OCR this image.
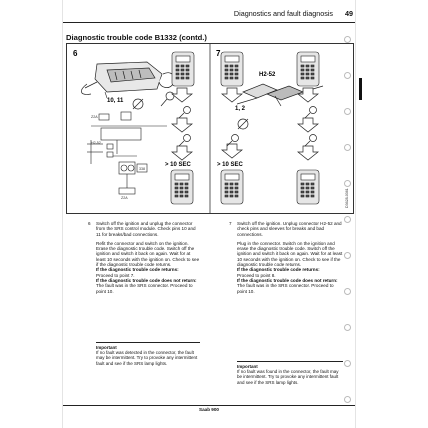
Diagnostics and fault diagnosis 49
Diagnostic trouble code B1332 (contd.)
6
10, 11
Z2A
H2-52
338
Z2A
> 10 SEC
7
H2-52
1, 2
> 10 SEC
D3628-0361
6 Switch off the ignition and unplug the connector from the SRS control module. Check pins 10 and 11 for breaks/bad connections.

Refit the connector and switch on the ignition. Erase the diagnostic trouble code. Switch off the ignition and switch it back on again. Wait for at least 10 seconds with the ignition on. Check to see if the diagnostic trouble code returns.

If the diagnostic trouble code returns:
Proceed to point 7.
If the diagnostic trouble code does not return:
The fault was in the SRS connector. Proceed to point 10.
Important
If no fault was detected in the connector, the fault may be intermittent. Try to provoke any intermittent fault and see if the SRS lamp lights.
7 Switch off the ignition. Unplug connector H2-52 and check pins and sleeves for breaks and bad connections.

Plug in the connector. Switch on the ignition and erase the diagnostic trouble code. Switch off the ignition and switch it back on again. Wait for at least 10 seconds with the ignition on. Check to see if the diagnostic trouble code returns.

If the diagnostic trouble code returns:
Proceed to point 8.
If the diagnostic trouble code does not return:
The fault was in the SRS connector. Proceed to point 10.
Important
If no fault was found in the connector, the fault may be intermittent. Try to provoke any intermittent fault and see if the SRS lamp lights.
Saab 900
